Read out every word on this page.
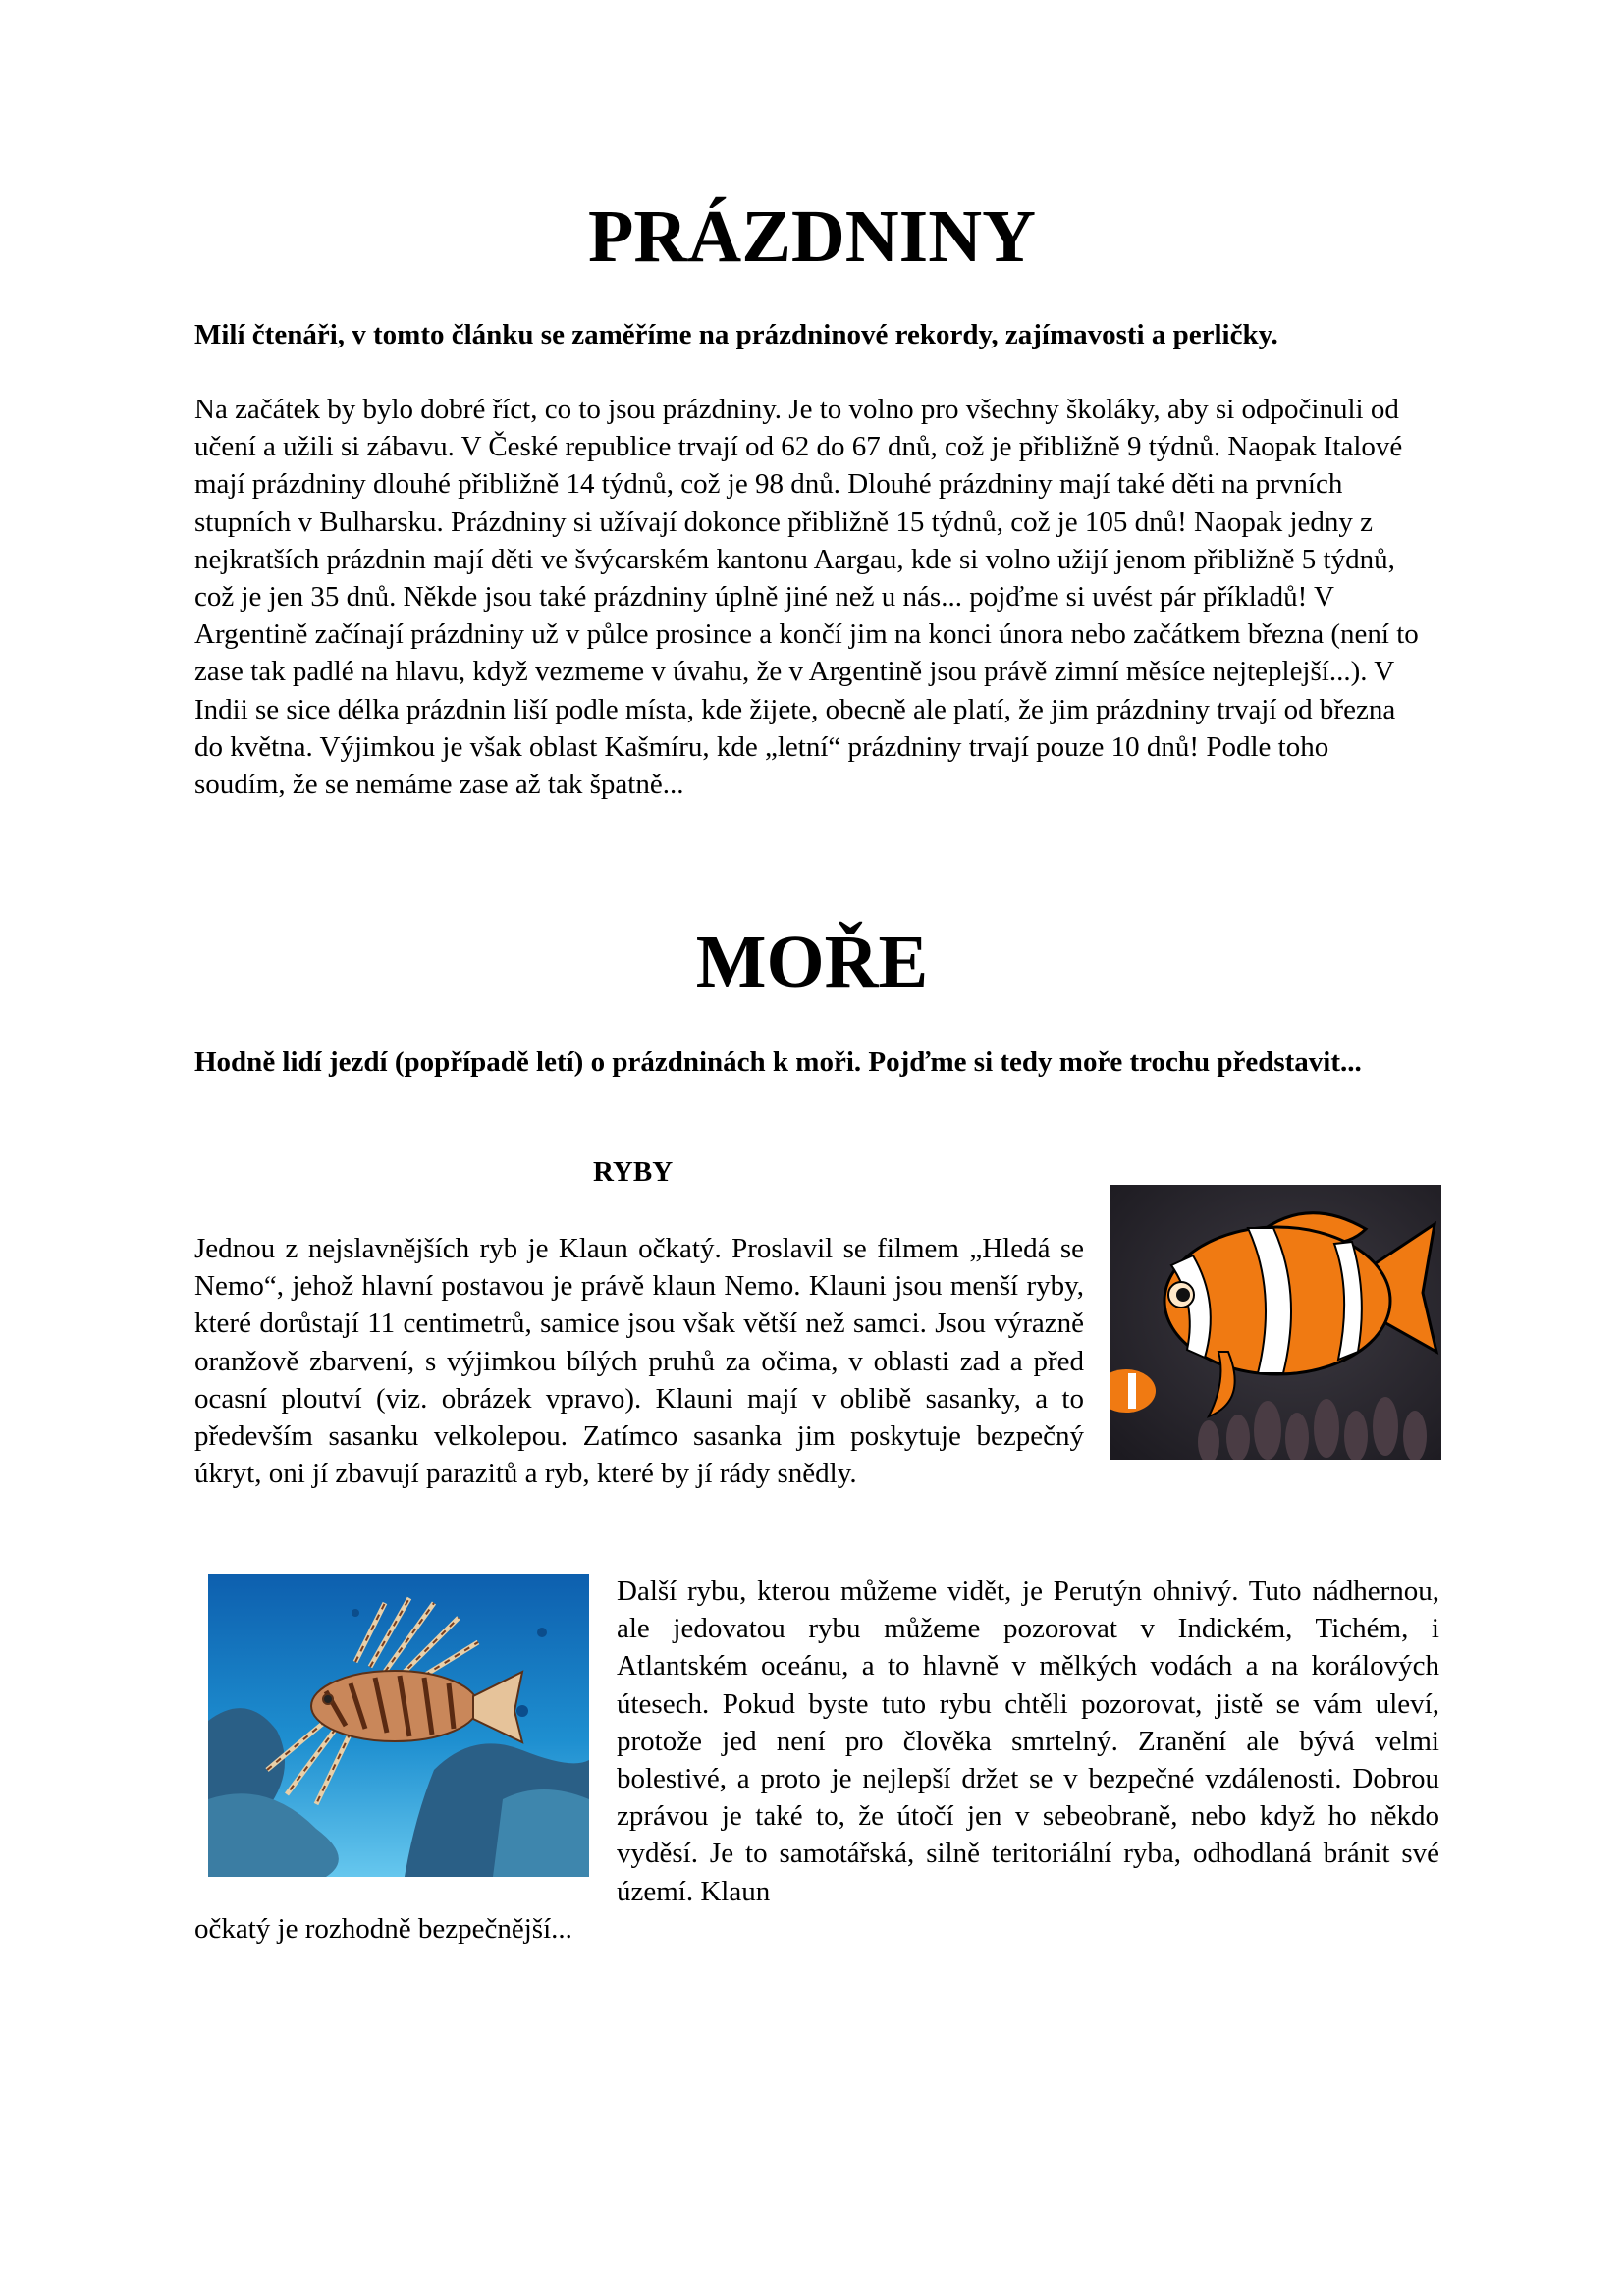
PRÁZDNINY

Milí čtenáři, v tomto článku se zaměříme na prázdninové rekordy, zajímavosti a perličky.

Na začátek by bylo dobré říct, co to jsou prázdniny. Je to volno pro všechny školáky, aby si odpočinuli od učení a užili si zábavu. V České republice trvají od 62 do 67 dnů, což je přibližně 9 týdnů. Naopak Italové mají prázdniny dlouhé přibližně 14 týdnů, což je 98 dnů. Dlouhé prázdniny mají také děti na prvních stupních v Bulharsku. Prázdniny si užívají dokonce přibližně 15 týdnů, což je 105 dnů! Naopak jedny z nejkratších prázdnin mají děti ve švýcarském kantonu Aargau, kde si volno užijí jenom přibližně 5 týdnů, což je jen 35 dnů. Někde jsou také prázdniny úplně jiné než u nás... pojďme si uvést pár příkladů! V Argentině začínají prázdniny už v půlce prosince a končí jim na konci února nebo začátkem března (není to zase tak padlé na hlavu, když vezmeme v úvahu, že v Argentině jsou právě zimní měsíce nejteplejší...). V Indii se sice délka prázdnin liší podle místa, kde žijete, obecně ale platí, že jim prázdniny trvají od března do května. Výjimkou je však oblast Kašmíru, kde „letní“ prázdniny trvají pouze 10 dnů! Podle toho soudím, že se nemáme zase až tak špatně...

MOŘE

Hodně lidí jezdí (popřípadě letí) o prázdninách k moři. Pojďme si tedy moře trochu představit...

RYBY

Jednou z nejslavnějších ryb je Klaun očkatý. Proslavil se filmem „Hledá se Nemo“, jehož hlavní postavou je právě klaun Nemo. Klauni jsou menší ryby, které dorůstají 11 centimetrů, samice jsou však větší než samci. Jsou výrazně oranžově zbarvení, s výjimkou bílých pruhů za očima, v oblasti zad a před ocasní ploutví (viz. obrázek vpravo). Klauni mají v oblibě sasanky, a to především sasanku velkolepou. Zatímco sasanka jim poskytuje bezpečný úkryt, oni jí zbavují parazitů a ryb, které by jí rády snědly.

Další rybu, kterou můžeme vidět, je Perutýn ohnivý. Tuto nádhernou, ale jedovatou rybu můžeme pozorovat v Indickém, Tichém, i Atlantském oceánu, a to hlavně v mělkých vodách a na korálových útesech. Pokud byste tuto rybu chtěli pozorovat, jistě se vám uleví, protože jed není pro člověka smrtelný. Zranění ale bývá velmi bolestivé, a proto je nejlepší držet se v bezpečné vzdálenosti. Dobrou zprávou je také to, že útočí jen v sebeobraně, nebo když ho někdo vyděsí. Je to samotářská, silně teritoriální ryba, odhodlaná bránit své území. Klaun

očkatý je rozhodně bezpečnější...
